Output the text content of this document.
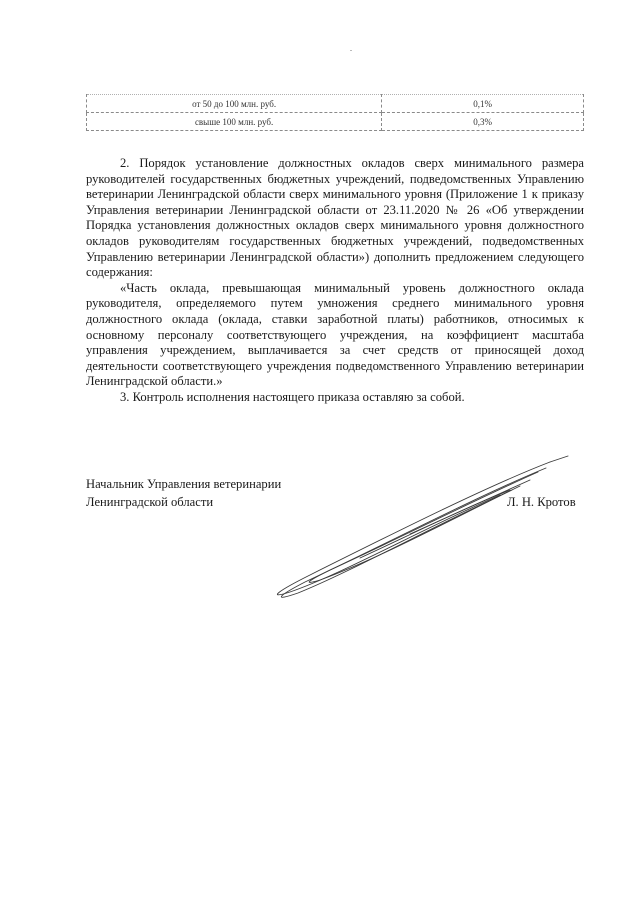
от 50 до 100 млн. руб.	0,1%
свыше 100 млн. руб.	0,3%

2. Порядок установление должностных окладов сверх минимального размера руководителей государственных бюджетных учреждений, подведомственных Управлению ветеринарии Ленинградской области сверх минимального уровня (Приложение 1 к приказу Управления ветеринарии Ленинградской области от 23.11.2020 № 26 «Об утверждении Порядка установления должностных окладов сверх минимального уровня должностного окладов руководителям государственных бюджетных учреждений, подведомственных Управлению ветеринарии Ленинградской области») дополнить предложением следующего содержания:

«Часть оклада, превышающая минимальный уровень должностного оклада руководителя, определяемого путем умножения среднего минимального уровня должностного оклада (оклада, ставки заработной платы) работников, относимых к основному персоналу соответствующего учреждения, на коэффициент масштаба управления учреждением, выплачивается за счет средств от приносящей доход деятельности соответствующего учреждения подведомственного Управлению ветеринарии Ленинградской области.»

3. Контроль исполнения настоящего приказа оставляю за собой.

Начальник Управления ветеринарии
Ленинградской области	Л. Н. Кротов
